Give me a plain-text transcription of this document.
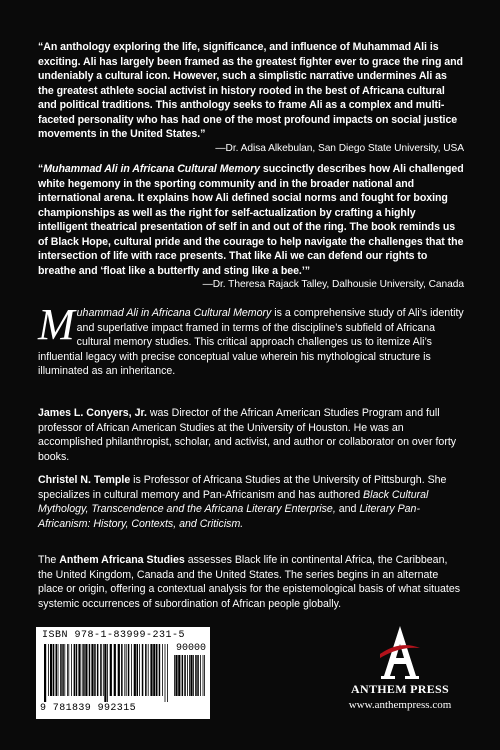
“An anthology exploring the life, significance, and influence of Muhammad Ali is exciting. Ali has largely been framed as the greatest fighter ever to grace the ring and undeniably a cultural icon. However, such a simplistic narrative undermines Ali as the greatest athlete social activist in history rooted in the best of Africana cultural and political traditions. This anthology seeks to frame Ali as a complex and multi-faceted personality who has had one of the most profound impacts on social justice movements in the United States.”
—Dr. Adisa Alkebulan, San Diego State University, USA
“Muhammad Ali in Africana Cultural Memory succinctly describes how Ali challenged white hegemony in the sporting community and in the broader national and international arena. It explains how Ali defined social norms and fought for boxing championships as well as the right for self-actualization by crafting a highly intelligent theatrical presentation of self in and out of the ring. The book reminds us of Black Hope, cultural pride and the courage to help navigate the challenges that the intersection of life with race presents. That like Ali we can defend our rights to breathe and ‘float like a butterfly and sting like a bee.’”
—Dr. Theresa Rajack Talley, Dalhousie University, Canada
Muhammad Ali in Africana Cultural Memory is a comprehensive study of Ali’s identity and superlative impact framed in terms of the discipline’s subfield of Africana cultural memory studies. This critical approach challenges us to itemize Ali’s influential legacy with precise conceptual value wherein his mythological structure is illuminated as an inheritance.
James L. Conyers, Jr. was Director of the African American Studies Program and full professor of African American Studies at the University of Houston. He was an accomplished philanthropist, scholar, and activist, and author or collaborator on over forty books.
Christel N. Temple is Professor of Africana Studies at the University of Pittsburgh. She specializes in cultural memory and Pan-Africanism and has authored Black Cultural Mythology, Transcendence and the Africana Literary Enterprise, and Literary Pan-Africanism: History, Contexts, and Criticism.
The Anthem Africana Studies assesses Black life in continental Africa, the Caribbean, the United Kingdom, Canada and the United States. The series begins in an alternate place or origin, offering a contextual analysis for the epistemological basis of what situates systemic occurrences of subordination of African people globally.
ISBN 978-1-83999-231-5
90000
9 781839 992315
ANTHEM PRESS
www.anthempress.com
